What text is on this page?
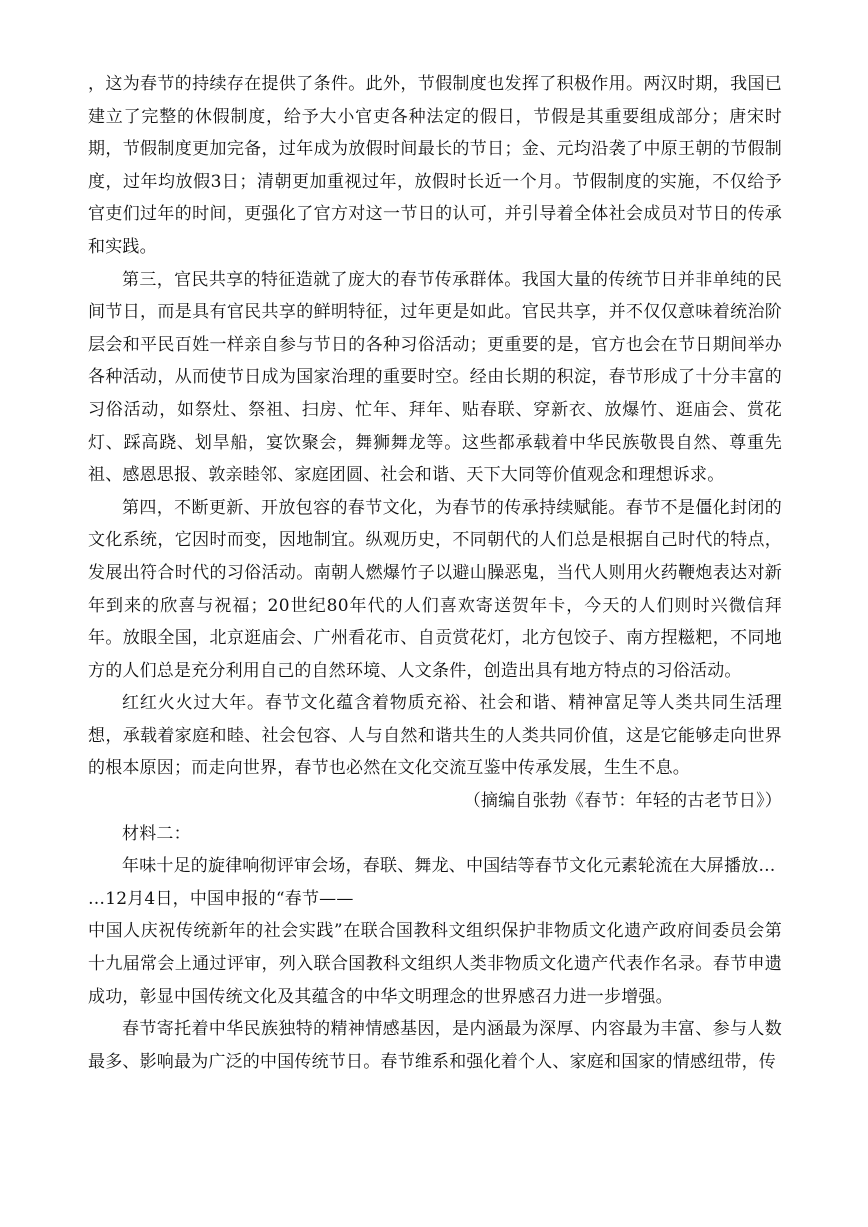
，这为春节的持续存在提供了条件。此外，节假制度也发挥了积极作用。两汉时期，我国已建立了完整的休假制度，给予大小官吏各种法定的假日，节假是其重要组成部分；唐宋时期，节假制度更加完备，过年成为放假时间最长的节日；金、元均沿袭了中原王朝的节假制度，过年均放假3日；清朝更加重视过年，放假时长近一个月。节假制度的实施，不仅给予官吏们过年的时间，更强化了官方对这一节日的认可，并引导着全体社会成员对节日的传承和实践。

第三，官民共享的特征造就了庞大的春节传承群体。我国大量的传统节日并非单纯的民间节日，而是具有官民共享的鲜明特征，过年更是如此。官民共享，并不仅仅意味着统治阶层会和平民百姓一样亲自参与节日的各种习俗活动；更重要的是，官方也会在节日期间举办各种活动，从而使节日成为国家治理的重要时空。经由长期的积淀，春节形成了十分丰富的习俗活动，如祭灶、祭祖、扫房、忙年、拜年、贴春联、穿新衣、放爆竹、逛庙会、赏花灯、踩高跷、划旱船，宴饮聚会，舞狮舞龙等。这些都承载着中华民族敬畏自然、尊重先祖、感恩思报、敦亲睦邻、家庭团圆、社会和谐、天下大同等价值观念和理想诉求。

第四，不断更新、开放包容的春节文化，为春节的传承持续赋能。春节不是僵化封闭的文化系统，它因时而变，因地制宜。纵观历史，不同朝代的人们总是根据自己时代的特点，发展出符合时代的习俗活动。南朝人燃爆竹子以避山臊恶鬼，当代人则用火药鞭炮表达对新年到来的欣喜与祝福；20世纪80年代的人们喜欢寄送贺年卡，今天的人们则时兴微信拜年。放眼全国，北京逛庙会、广州看花市、自贡赏花灯，北方包饺子、南方捏糍粑，不同地方的人们总是充分利用自己的自然环境、人文条件，创造出具有地方特点的习俗活动。

红红火火过大年。春节文化蕴含着物质充裕、社会和谐、精神富足等人类共同生活理想，承载着家庭和睦、社会包容、人与自然和谐共生的人类共同价值，这是它能够走向世界的根本原因；而走向世界，春节也必然在文化交流互鉴中传承发展，生生不息。

（摘编自张勃《春节：年轻的古老节日》）

材料二：

年味十足的旋律响彻评审会场，春联、舞龙、中国结等春节文化元素轮流在大屏播放…

…12月4日，中国申报的“春节——

中国人庆祝传统新年的社会实践”在联合国教科文组织保护非物质文化遗产政府间委员会第十九届常会上通过评审，列入联合国教科文组织人类非物质文化遗产代表作名录。春节申遗成功，彰显中国传统文化及其蕴含的中华文明理念的世界感召力进一步增强。

春节寄托着中华民族独特的精神情感基因，是内涵最为深厚、内容最为丰富、参与人数最多、影响最为广泛的中国传统节日。春节维系和强化着个人、家庭和国家的情感纽带，传
